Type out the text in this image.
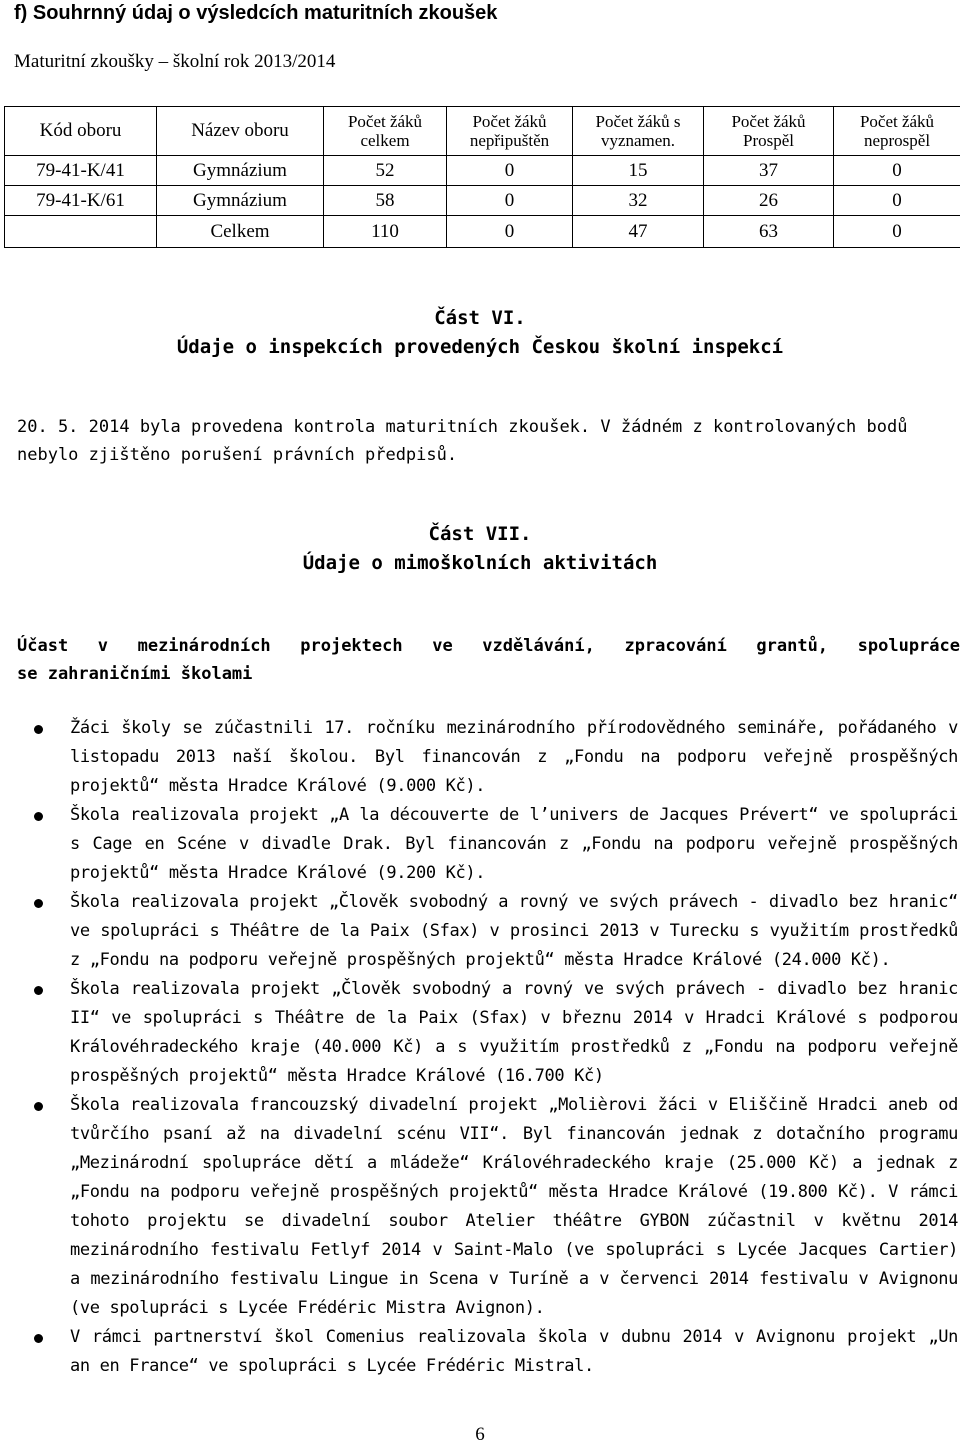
f) Souhrnný údaj o výsledcích maturitních zkoušek
Maturitní zkoušky – školní rok 2013/2014
Kód oboru	Název oboru	Počet žáků celkem	Počet žáků nepřipuštěn	Počet žáků s vyznamen.	Počet žáků Prospěl	Počet žáků neprospěl

79-41-K/41	Gymnázium	52	0	15	37	0
79-41-K/61	Gymnázium	58	0	32	26	0
	Celkem	110	0	47	63	0
Část VI.
Údaje o inspekcích provedených Českou školní inspekcí
20. 5. 2014 byla provedena kontrola maturitních zkoušek. V žádném z kontrolovaných bodů nebylo zjištěno porušení právních předpisů.
Část VII.
Údaje o mimoškolních aktivitách
Účast v mezinárodních projektech ve vzdělávání, zpracování grantů, spolupráce
se zahraničními školami
Žáci školy se zúčastnili 17. ročníku mezinárodního přírodovědného semináře, pořádaného v listopadu 2013 naší školou. Byl financován z „Fondu na podporu veřejně prospěšných projektů“ města Hradce Králové (9.000 Kč).
Škola realizovala projekt „A la découverte de l’univers de Jacques Prévert“ ve spolupráci s Cage en Scéne v divadle Drak. Byl financován z „Fondu na podporu veřejně prospěšných projektů“ města Hradce Králové (9.200 Kč).
Škola realizovala projekt „Člověk svobodný a rovný ve svých právech - divadlo bez hranic“ ve spolupráci s Théâtre de la Paix (Sfax) v prosinci 2013 v Turecku s využitím prostředků z „Fondu na podporu veřejně prospěšných projektů“ města Hradce Králové (24.000 Kč).
Škola realizovala projekt „Člověk svobodný a rovný ve svých právech - divadlo bez hranic II“ ve spolupráci s Théâtre de la Paix (Sfax) v březnu 2014 v Hradci Králové s podporou Královéhradeckého kraje (40.000 Kč) a s využitím prostředků z „Fondu na podporu veřejně prospěšných projektů“ města Hradce Králové (16.700 Kč)
Škola realizovala francouzský divadelní projekt „Molièrovi žáci v Eliščině Hradci aneb od tvůrčího psaní až na divadelní scénu VII“. Byl financován jednak z dotačního programu „Mezinárodní spolupráce dětí a mládeže“ Královéhradeckého kraje (25.000 Kč) a jednak z „Fondu na podporu veřejně prospěšných projektů“ města Hradce Králové (19.800 Kč). V rámci tohoto projektu se divadelní soubor Atelier théâtre GYBON zúčastnil v květnu 2014 mezinárodního festivalu Fetlyf 2014 v Saint-Malo (ve spolupráci s Lycée Jacques Cartier) a mezinárodního festivalu Lingue in Scena v Turíně a v červenci 2014 festivalu v Avignonu (ve spolupráci s Lycée Frédéric Mistra Avignon).
V rámci partnerství škol Comenius realizovala škola v dubnu 2014 v Avignonu projekt „Un an en France“ ve spolupráci s Lycée Frédéric Mistral.
6
